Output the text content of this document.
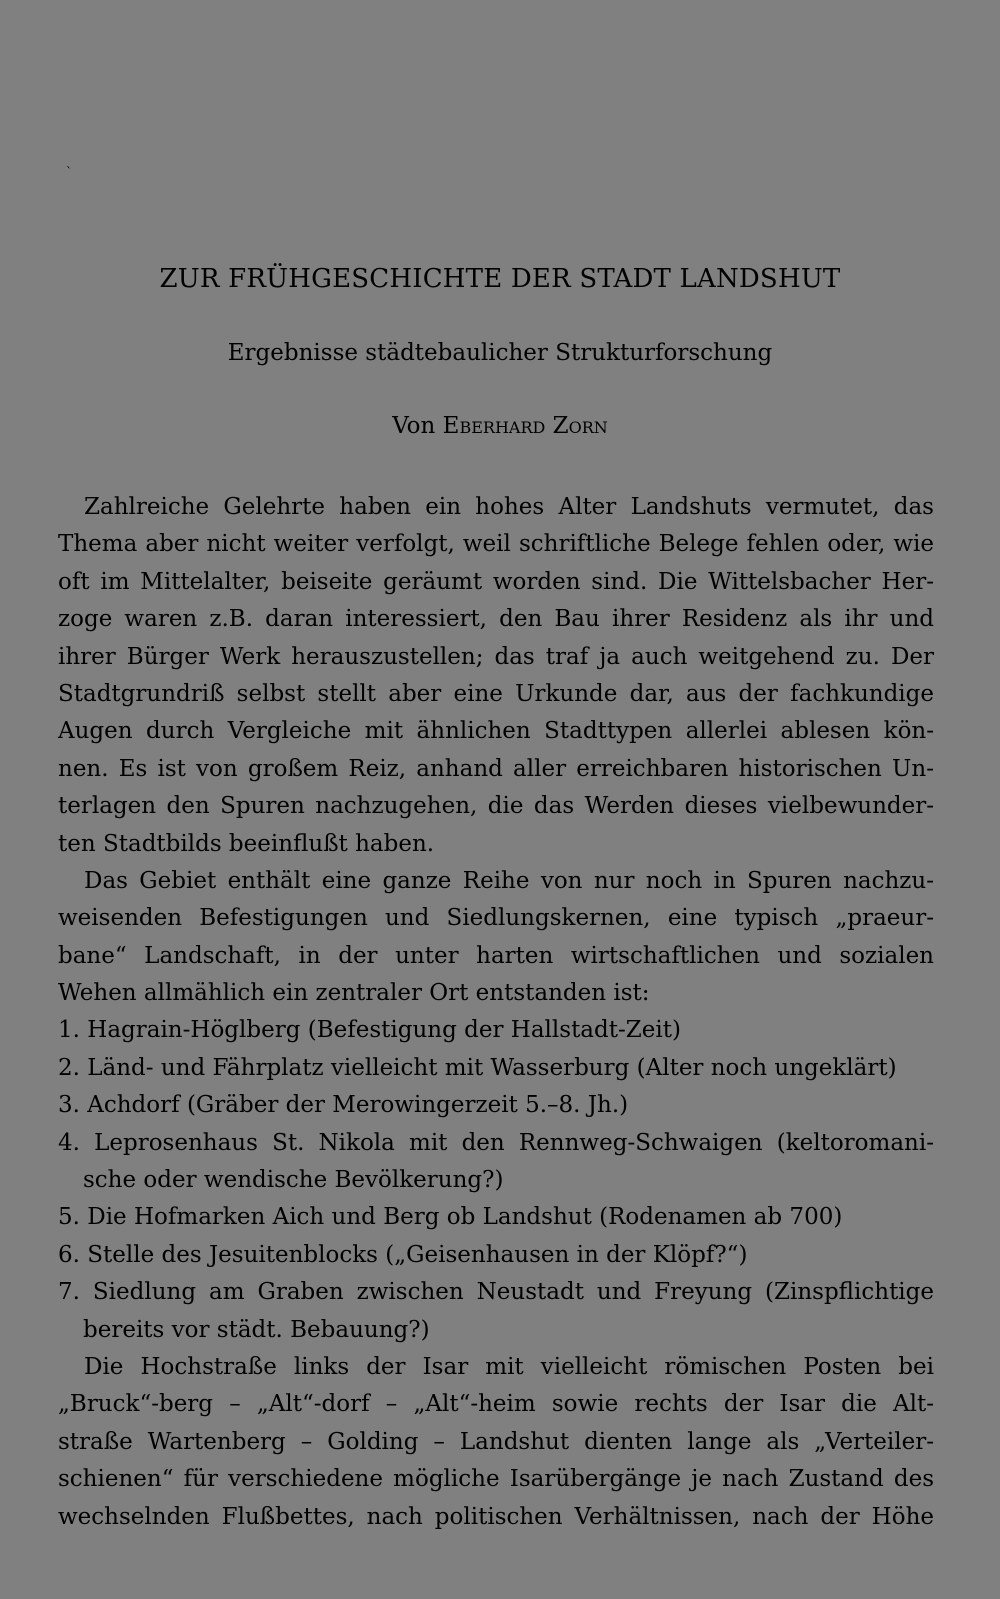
`
ZUR FRÜHGESCHICHTE DER STADT LANDSHUT
Ergebnisse städtebaulicher Strukturforschung
Von Eberhard Zorn
Zahlreiche Gelehrte haben ein hohes Alter Landshuts vermutet, das
Thema aber nicht weiter verfolgt, weil schriftliche Belege fehlen oder, wie
oft im Mittelalter, beiseite geräumt worden sind. Die Wittelsbacher Her-
zoge waren z.B. daran interessiert, den Bau ihrer Residenz als ihr und
ihrer Bürger Werk herauszustellen; das traf ja auch weitgehend zu. Der
Stadtgrundriß selbst stellt aber eine Urkunde dar, aus der fachkundige
Augen durch Vergleiche mit ähnlichen Stadttypen allerlei ablesen kön-
nen. Es ist von großem Reiz, anhand aller erreichbaren historischen Un-
terlagen den Spuren nachzugehen, die das Werden dieses vielbewunder-
ten Stadtbilds beeinflußt haben.
Das Gebiet enthält eine ganze Reihe von nur noch in Spuren nachzu-
weisenden Befestigungen und Siedlungskernen, eine typisch „praeur-
bane“ Landschaft, in der unter harten wirtschaftlichen und sozialen
Wehen allmählich ein zentraler Ort entstanden ist:
1. Hagrain-Höglberg (Befestigung der Hallstadt-Zeit)
2. Länd- und Fährplatz vielleicht mit Wasserburg (Alter noch ungeklärt)
3. Achdorf (Gräber der Merowingerzeit 5.–8. Jh.)
4. Leprosenhaus St. Nikola mit den Rennweg-Schwaigen (keltoromani-
sche oder wendische Bevölkerung?)
5. Die Hofmarken Aich und Berg ob Landshut (Rodenamen ab 700)
6. Stelle des Jesuitenblocks („Geisenhausen in der Klöpf?“)
7. Siedlung am Graben zwischen Neustadt und Freyung (Zinspflichtige
bereits vor städt. Bebauung?)
Die Hochstraße links der Isar mit vielleicht römischen Posten bei
„Bruck“-berg – „Alt“-dorf – „Alt“-heim sowie rechts der Isar die Alt-
straße Wartenberg – Golding – Landshut dienten lange als „Verteiler-
schienen“ für verschiedene mögliche Isarübergänge je nach Zustand des
wechselnden Flußbettes, nach politischen Verhältnissen, nach der Höhe
